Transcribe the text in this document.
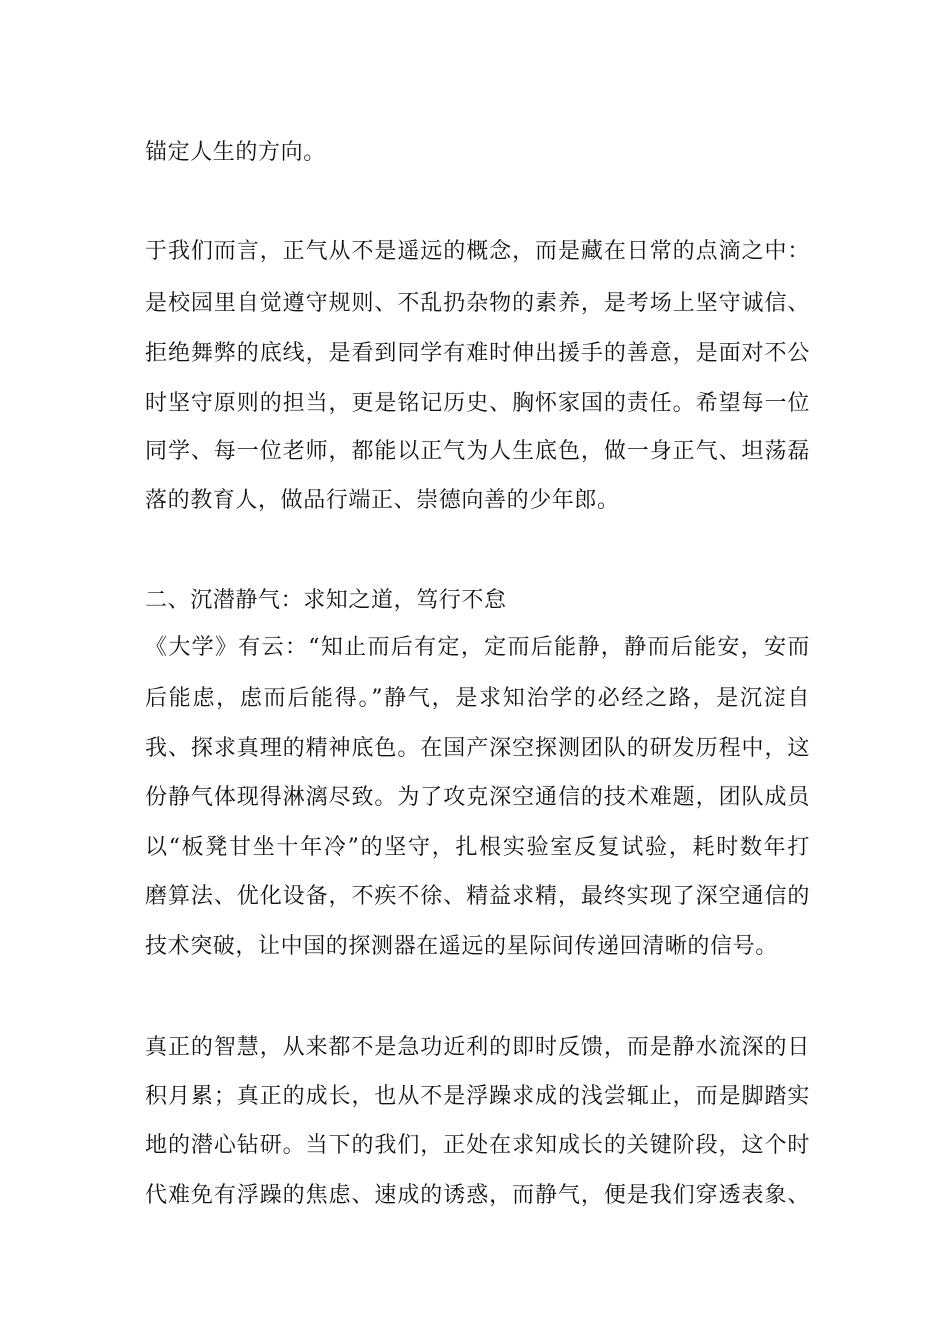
锚定人生的方向。
于我们而言，正气从不是遥远的概念，而是藏在日常的点滴之中：
是校园里自觉遵守规则、不乱扔杂物的素养，是考场上坚守诚信、
拒绝舞弊的底线，是看到同学有难时伸出援手的善意，是面对不公
时坚守原则的担当，更是铭记历史、胸怀家国的责任。希望每一位
同学、每一位老师，都能以正气为人生底色，做一身正气、坦荡磊
落的教育人，做品行端正、崇德向善的少年郎。
二、沉潜静气：求知之道，笃行不怠
《大学》有云：“知止而后有定，定而后能静，静而后能安，安而
后能虑，虑而后能得。”静气，是求知治学的必经之路，是沉淀自
我、探求真理的精神底色。在国产深空探测团队的研发历程中，这
份静气体现得淋漓尽致。为了攻克深空通信的技术难题，团队成员
以“板凳甘坐十年冷”的坚守，扎根实验室反复试验，耗时数年打
磨算法、优化设备，不疾不徐、精益求精，最终实现了深空通信的
技术突破，让中国的探测器在遥远的星际间传递回清晰的信号。
真正的智慧，从来都不是急功近利的即时反馈，而是静水流深的日
积月累；真正的成长，也从不是浮躁求成的浅尝辄止，而是脚踏实
地的潜心钻研。当下的我们，正处在求知成长的关键阶段，这个时
代难免有浮躁的焦虑、速成的诱惑，而静气，便是我们穿透表象、
